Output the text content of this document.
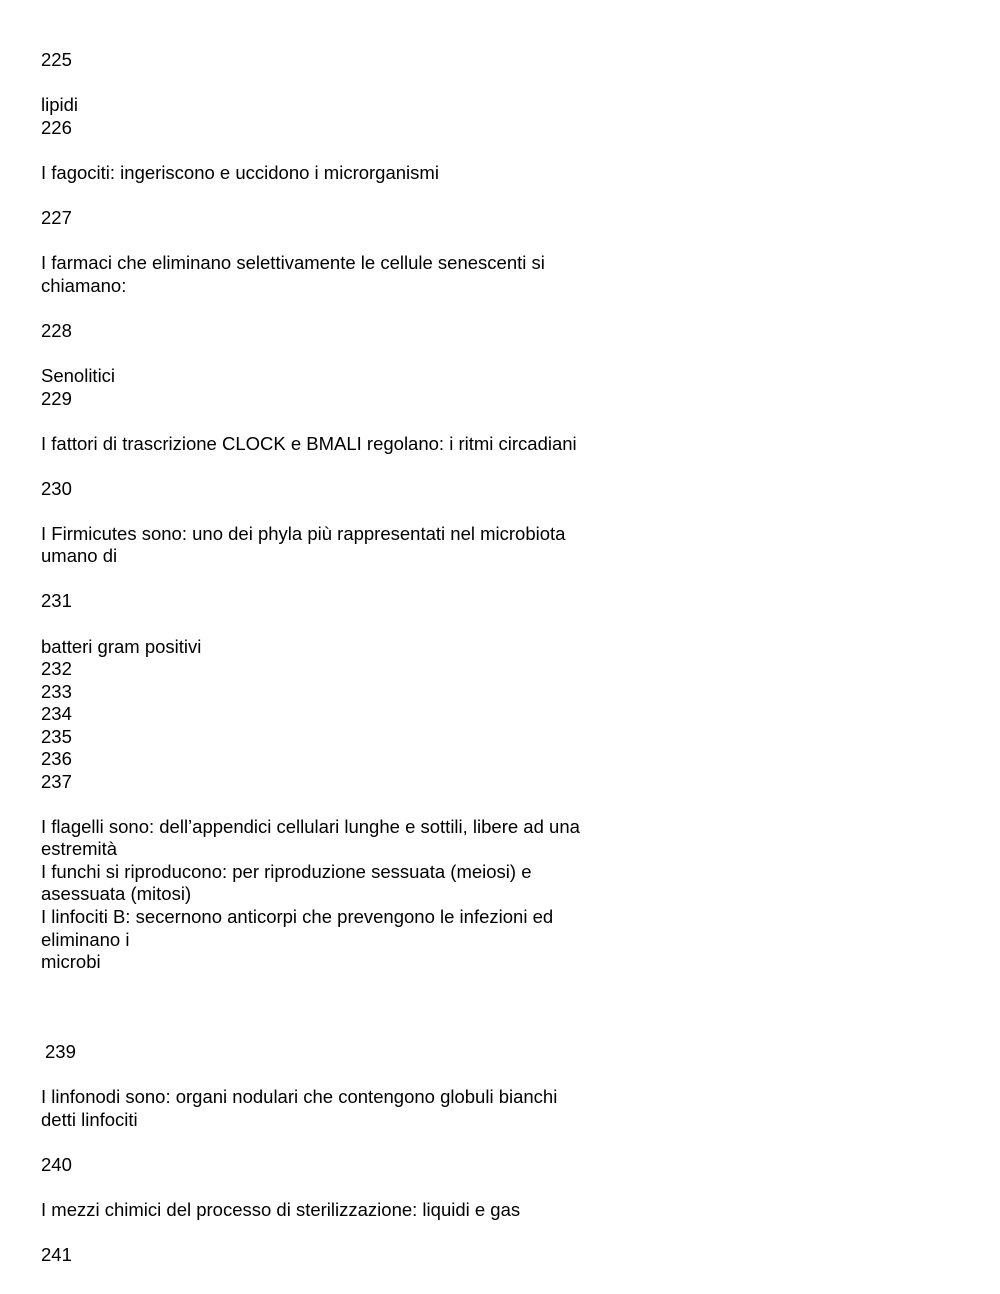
225
lipidi
226
I fagociti: ingeriscono e uccidono i microrganismi
227
I farmaci che eliminano selettivamente le cellule senescenti si
chiamano:
228
Senolitici
229
I fattori di trascrizione CLOCK e BMALI regolano: i ritmi circadiani
230
I Firmicutes sono: uno dei phyla più rappresentati nel microbiota
umano di
231
batteri gram positivi
232
233
234
235
236
237
I flagelli sono: dell’appendici cellulari lunghe e sottili, libere ad una
estremità
I funchi si riproducono: per riproduzione sessuata (meiosi) e
asessuata (mitosi)
I linfociti B: secernono anticorpi che prevengono le infezioni ed
eliminano i
microbi
239
I linfonodi sono: organi nodulari che contengono globuli bianchi
detti linfociti
240
I mezzi chimici del processo di sterilizzazione: liquidi e gas
241
